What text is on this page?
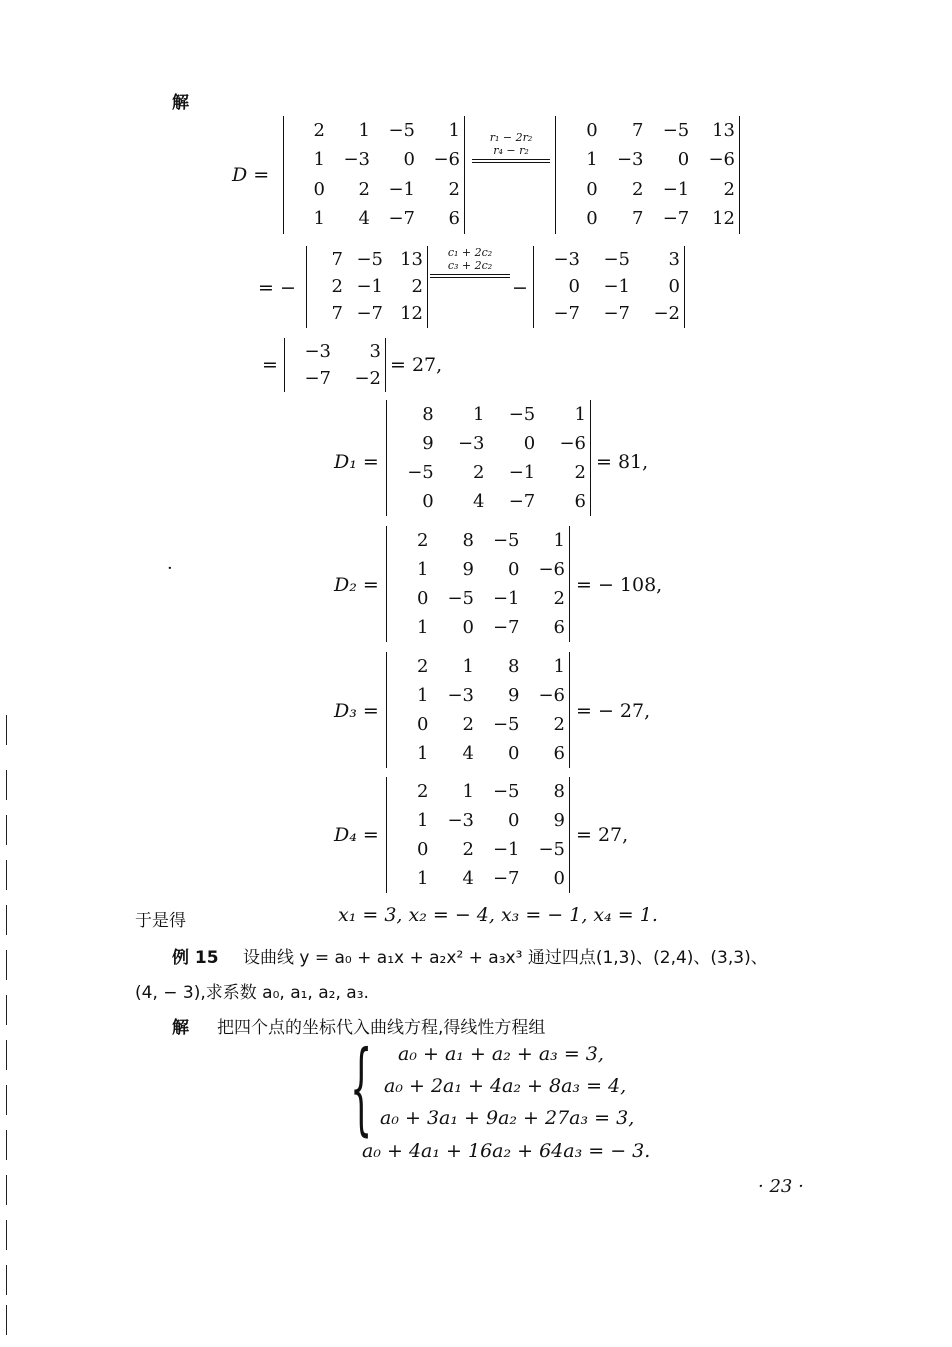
解
D =
2	1	−5	1
1	−3	0	−6
0	2	−1	2
1	4	−7	6
r₁ − 2r₂
r₄ − r₂
0	7	−5	13
1	−3	0	−6
0	2	−1	2
0	7	−7	12
= −
7 −5 13
2 −1	2
7 −7 12
c₁ + 2c₂
c₃ + 2c₂
−
−3	−5	3
0	−1	0
−7	−7	−2
=
−3	3
−7	−2
= 27,
D₁ =
8	1	−5	1
9	−3	0	−6
−5	2	−1	2
0	4	−7	6
= 81,
·
D₂ =
2	8	−5	1
1	9	0	−6
0	−5	−1	2
1	0	−7	6
= − 108,
D₃ =
2	1	8	1
1	−3	9	−6
0	2	−5	2
1	4	0	6
= − 27,
D₄ =
2	1	−5	8
1	−3	0	9
0	2	−1	−5
1	4	−7	0
= 27,
于是得	x₁ = 3, x₂ = − 4, x₃ = − 1, x₄ = 1.
例 15 设曲线 y = a₀ + a₁x + a₂x² + a₃x³ 通过四点(1,3)、(2,4)、(3,3)、
(4, − 3),求系数 a₀, a₁, a₂, a₃.
解 把四个点的坐标代入曲线方程,得线性方程组
{ a₀ + a₁ + a₂ + a₃ = 3,
a₀ + 2a₁ + 4a₂ + 8a₃ = 4,
a₀ + 3a₁ + 9a₂ + 27a₃ = 3,
a₀ + 4a₁ + 16a₂ + 64a₃ = − 3.
· 23 ·
